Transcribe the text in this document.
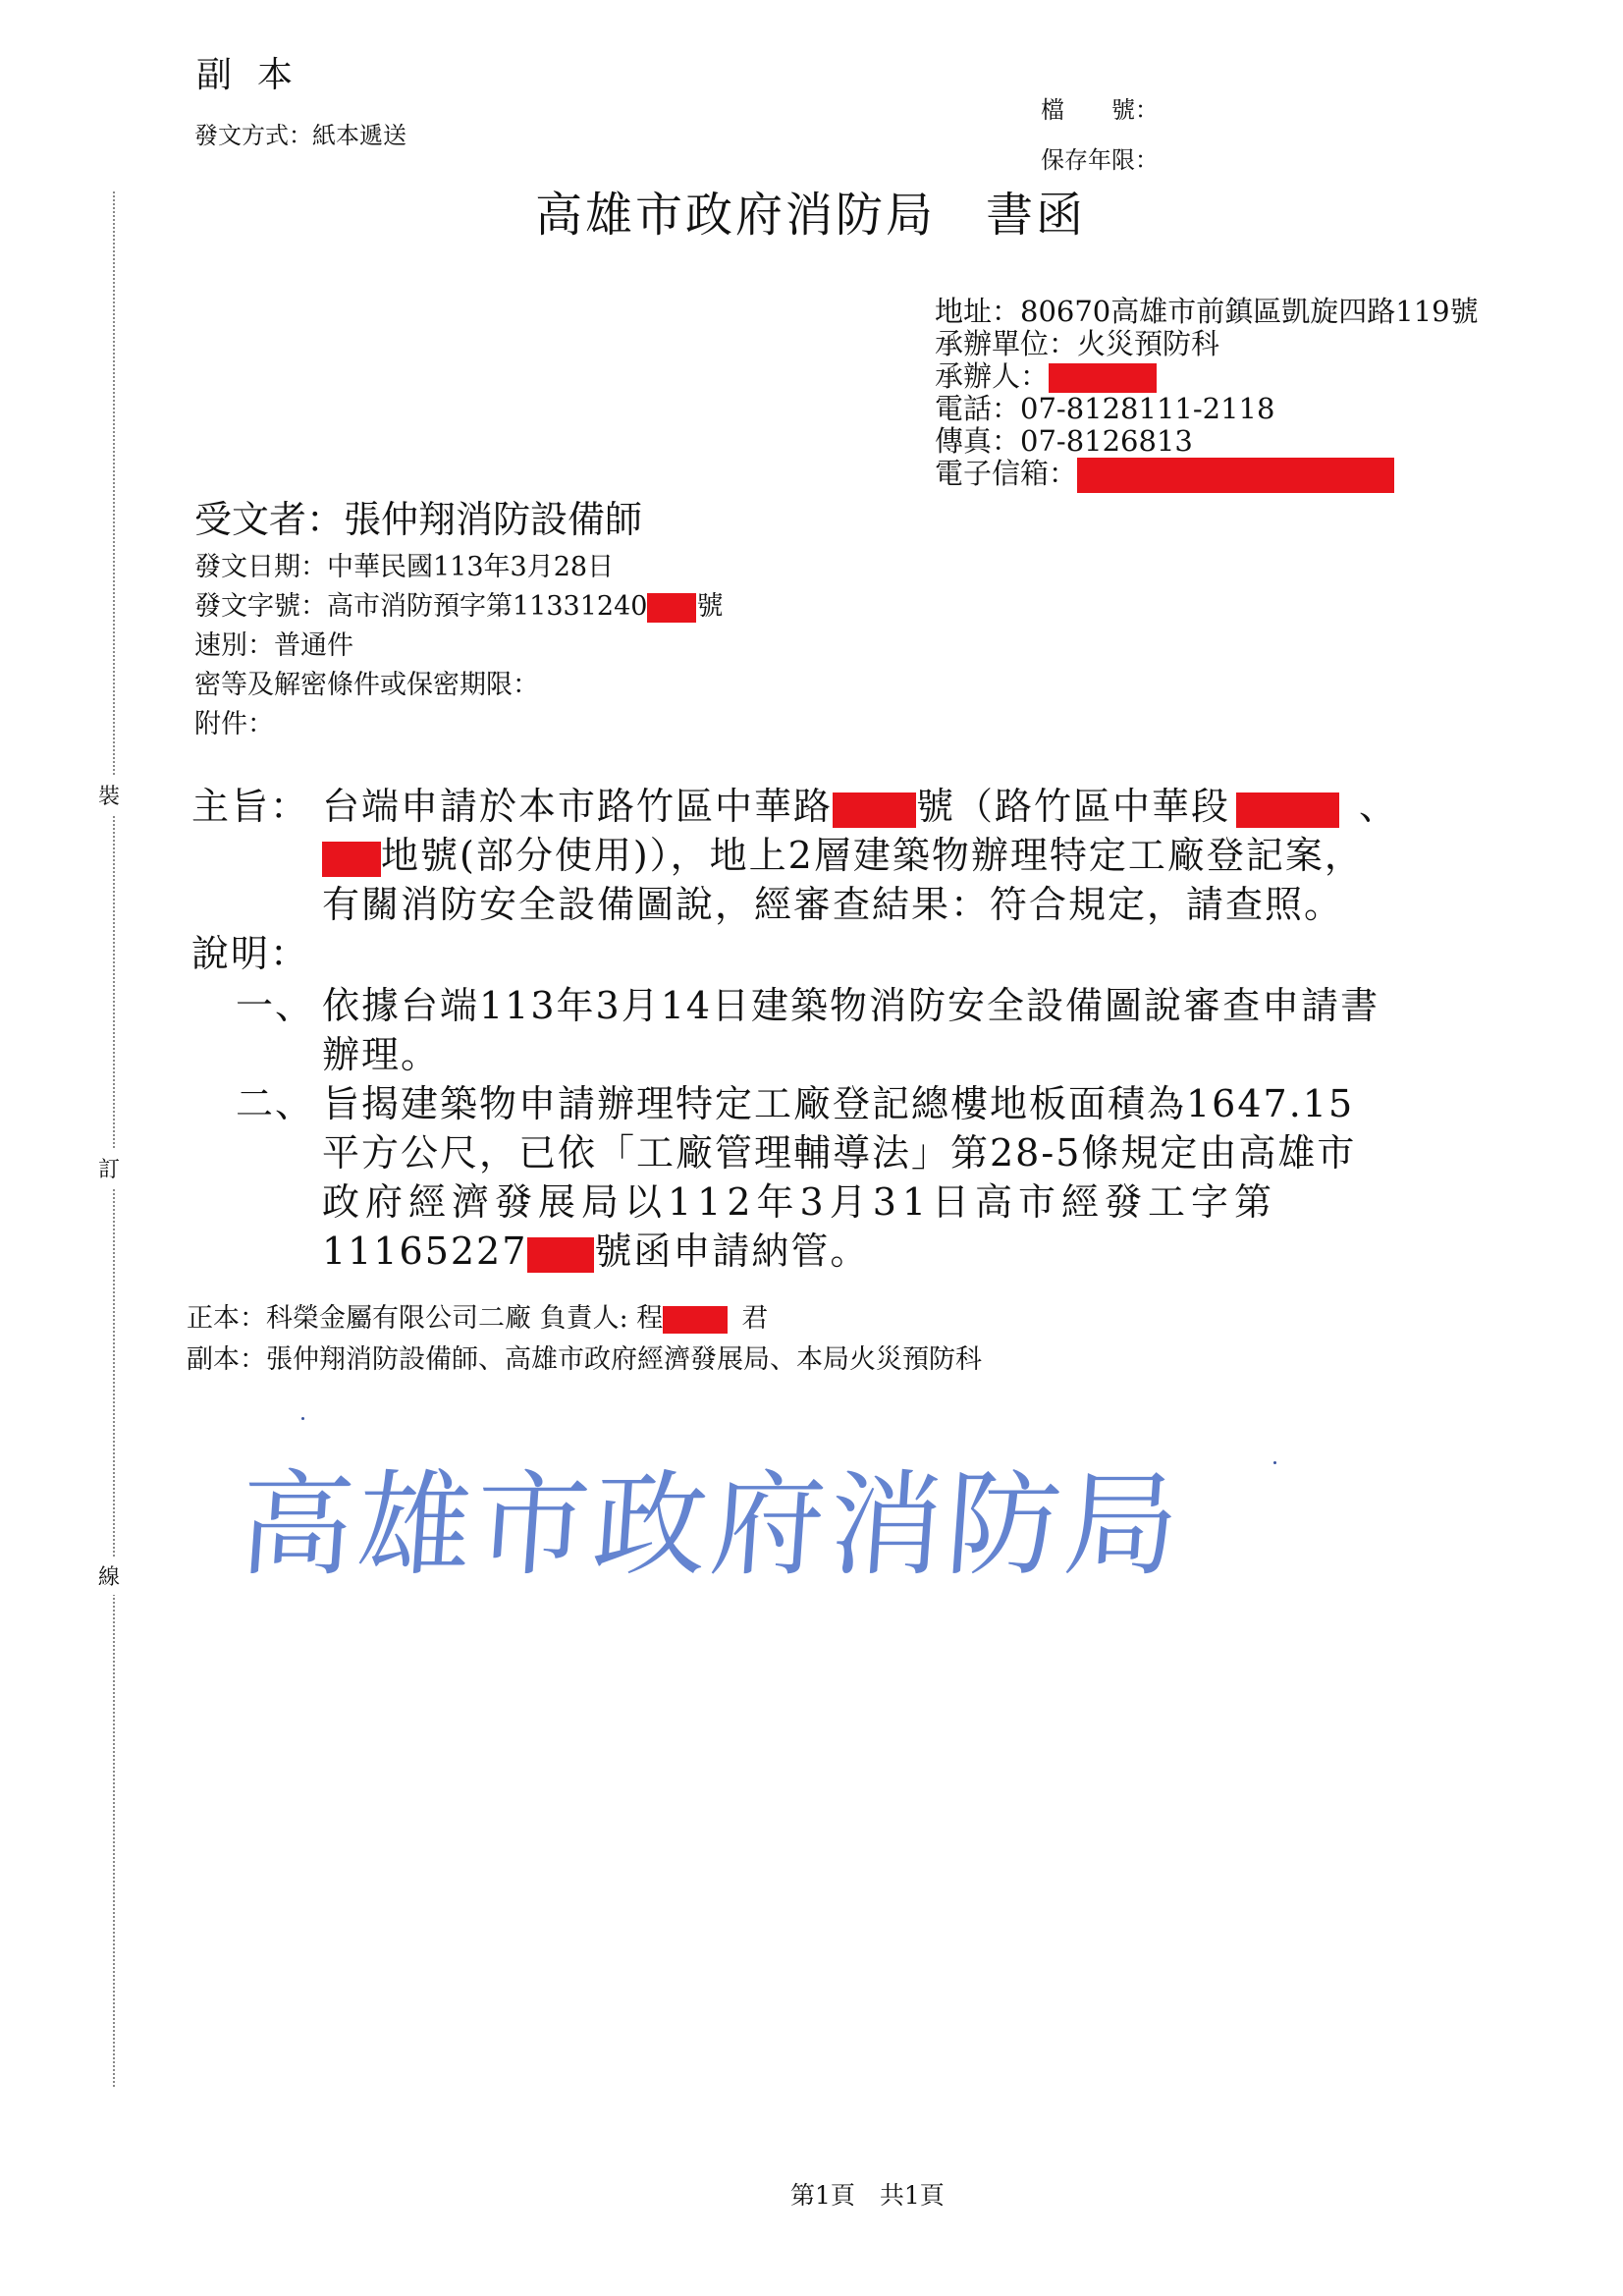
副本
發文方式：紙本遞送
檔　　號：
保存年限：
高雄市政府消防局　書函
裝
訂
線
地址：80670高雄市前鎮區凱旋四路119號
承辦單位：火災預防科
承辦人：
電話：07-8128111-2118
傳真：07-8126813
電子信箱：
受文者：張仲翔消防設備師
發文日期：中華民國113年3月28日
發文字號：高市消防預字第11331240 號
速別：普通件
密等及解密條件或保密期限：
附件：
主旨： 台端申請於本市路竹區中華路 號（路竹區中華段	、
地號(部分使用)），地上2層建築物辦理特定工廠登記案，
有關消防安全設備圖說，經審查結果：符合規定，請查照。
說明：
一、 依據台端113年3月14日建築物消防安全設備圖說審查申請書
辦理。
二、 旨揭建築物申請辦理特定工廠登記總樓地板面積為1647.15
平方公尺，已依「工廠管理輔導法」第28-5條規定由高雄市
政府經濟發展局以112年3月31日高市經發工字第
11165227 號函申請納管。
正本：科榮金屬有限公司二廠 負責人: 程	君
副本：張仲翔消防設備師、高雄市政府經濟發展局、本局火災預防科
高雄市政府消防局
第1頁　共1頁
